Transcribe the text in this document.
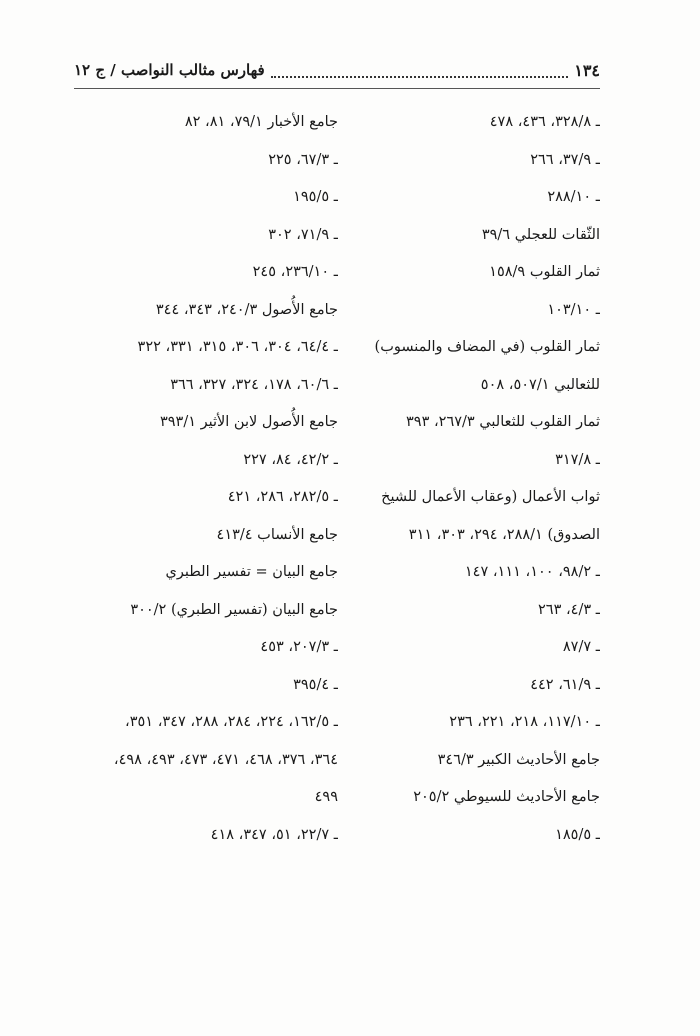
١٣٤
فهارس مثالب النواصب / ج ١٢
ـ ٣٢٨/٨، ٤٣٦، ٤٧٨
ـ ٣٧/٩، ٢٦٦
ـ ٢٨٨/١٠
الثّقات للعجلي ٣٩/٦
ثمار القلوب ١٥٨/٩
ـ ١٠٣/١٠
ثمار القلوب (في المضاف والمنسوب)
للثعالبي ٥٠٧/١، ٥٠٨
ثمار القلوب للثعالبي ٢٦٧/٣، ٣٩٣
ـ ٣١٧/٨
ثواب الأعمال (وعقاب الأعمال للشيخ
الصدوق) ٢٨٨/١، ٢٩٤، ٣٠٣، ٣١١
ـ ٩٨/٢، ١٠٠، ١١١، ١٤٧
ـ ٤/٣، ٢٦٣
ـ ٨٧/٧
ـ ٦١/٩، ٤٤٢
ـ ١١٧/١٠، ٢١٨، ٢٢١، ٢٣٦
جامع الأحاديث الكبير ٣٤٦/٣
جامع الأحاديث للسيوطي ٢٠٥/٢
ـ ١٨٥/٥
جامع الأخبار ٧٩/١، ٨١، ٨٢
ـ ٦٧/٣، ٢٢٥
ـ ١٩٥/٥
ـ ٧١/٩، ٣٠٢
ـ ٢٣٦/١٠، ٢٤٥
جامع الأُصول ٢٤٠/٣، ٣٤٣، ٣٤٤
ـ ٦٤/٤، ٣٠٤، ٣٠٦، ٣١٥، ٣٣١، ٣٢٢
ـ ٦٠/٦، ١٧٨، ٣٢٤، ٣٢٧، ٣٦٦
جامع الأُصول لابن الأثير ٣٩٣/١
ـ ٤٢/٢، ٨٤، ٢٢٧
ـ ٢٨٢/٥، ٢٨٦، ٤٢١
جامع الأنساب ٤١٣/٤
جامع البيان = تفسير الطبري
جامع البيان (تفسير الطبري) ٣٠٠/٢
ـ ٢٠٧/٣، ٤٥٣
ـ ٣٩٥/٤
ـ ١٦٢/٥، ٢٢٤، ٢٨٤، ٢٨٨، ٣٤٧، ٣٥١،
٣٦٤، ٣٧٦، ٤٦٨، ٤٧١، ٤٧٣، ٤٩٣، ٤٩٨،
٤٩٩
ـ ٢٢/٧، ٥١، ٣٤٧، ٤١٨
